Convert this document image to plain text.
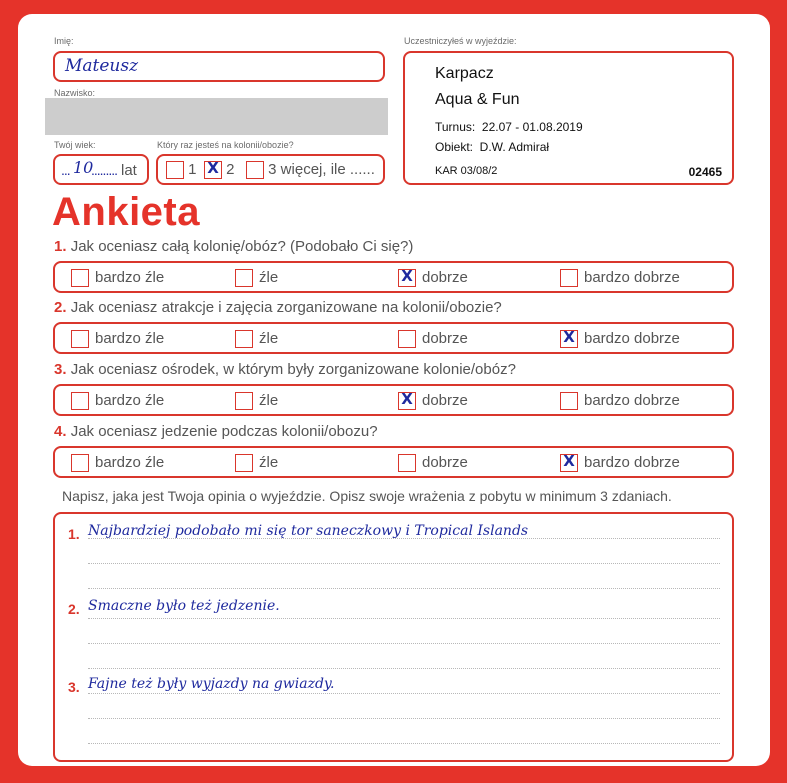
Imię:
Mateusz
Nazwisko:
Twój wiek:
... 10
......... lat
Który raz jesteś na kolonii/obozie?
1 X 2	3 więcej, ile ......
Uczestniczyłeś w wyjeździe:
Karpacz
Aqua & Fun
Turnus:  22.07 - 01.08.2019
Obiekt:  D.W. Admirał
KAR 03/08/2	02465
Ankieta
1. Jak oceniasz całą kolonię/obóz? (Podobało Ci się?)
bardzo źle	źle	X dobrze	bardzo dobrze
2. Jak oceniasz atrakcje i zajęcia zorganizowane na kolonii/obozie?
bardzo źle	źle	dobrze	X bardzo dobrze
3. Jak oceniasz ośrodek, w którym były zorganizowane kolonie/obóz?
bardzo źle	źle	X dobrze	bardzo dobrze
4. Jak oceniasz jedzenie podczas kolonii/obozu?
bardzo źle	źle	dobrze	X bardzo dobrze
Napisz, jaka jest Twoja opinia o wyjeździe. Opisz swoje wrażenia z pobytu w minimum 3 zdaniach.
1. Najbardziej podobało mi się tor saneczkowy i Tropical Islands
2. Smaczne było też jedzenie.
3. Fajne też były wyjazdy na gwiazdy.
